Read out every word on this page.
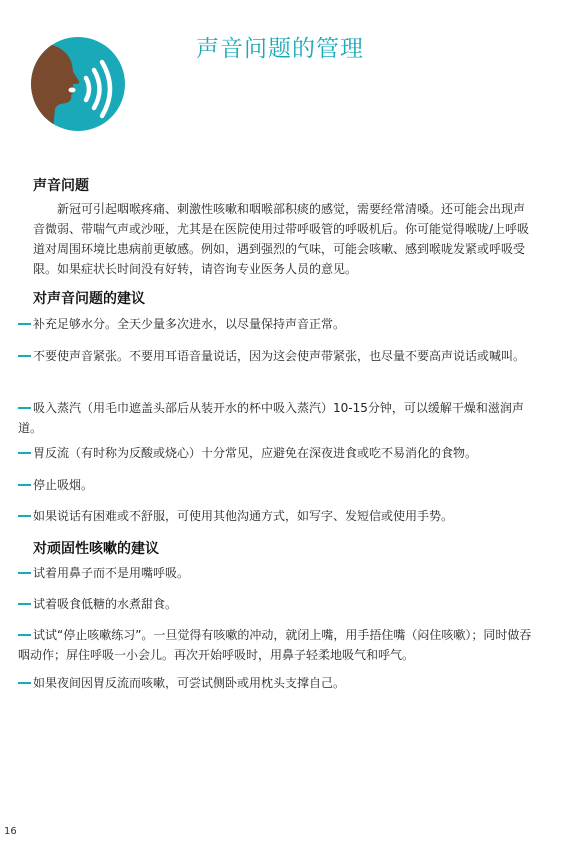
声音问题的管理
声音问题
新冠可引起咽喉疼痛、刺激性咳嗽和咽喉部积痰的感觉，需要经常清嗓。还可能会出现声音微弱、带喘气声或沙哑，尤其是在医院使用过带呼吸管的呼吸机后。你可能觉得喉咙/上呼吸道对周围环境比患病前更敏感。例如，遇到强烈的气味，可能会咳嗽、感到喉咙发紧或呼吸受限。如果症状长时间没有好转，请咨询专业医务人员的意见。
对声音问题的建议
补充足够水分。全天少量多次进水，以尽量保持声音正常。
不要使声音紧张。不要用耳语音量说话，因为这会使声带紧张，也尽量不要高声说话或喊叫。
吸入蒸汽（用毛巾遮盖头部后从装开水的杯中吸入蒸汽）10-15分钟，可以缓解干燥和滋润声道。
胃反流（有时称为反酸或烧心）十分常见，应避免在深夜进食或吃不易消化的食物。
停止吸烟。
如果说话有困难或不舒服，可使用其他沟通方式，如写字、发短信或使用手势。
对顽固性咳嗽的建议
试着用鼻子而不是用嘴呼吸。
试着吸食低糖的水煮甜食。
试试“停止咳嗽练习”。一旦觉得有咳嗽的冲动，就闭上嘴，用手捂住嘴（闷住咳嗽）；同时做吞咽动作；屏住呼吸一小会儿。再次开始呼吸时，用鼻子轻柔地吸气和呼气。
如果夜间因胃反流而咳嗽，可尝试侧卧或用枕头支撑自己。
16
